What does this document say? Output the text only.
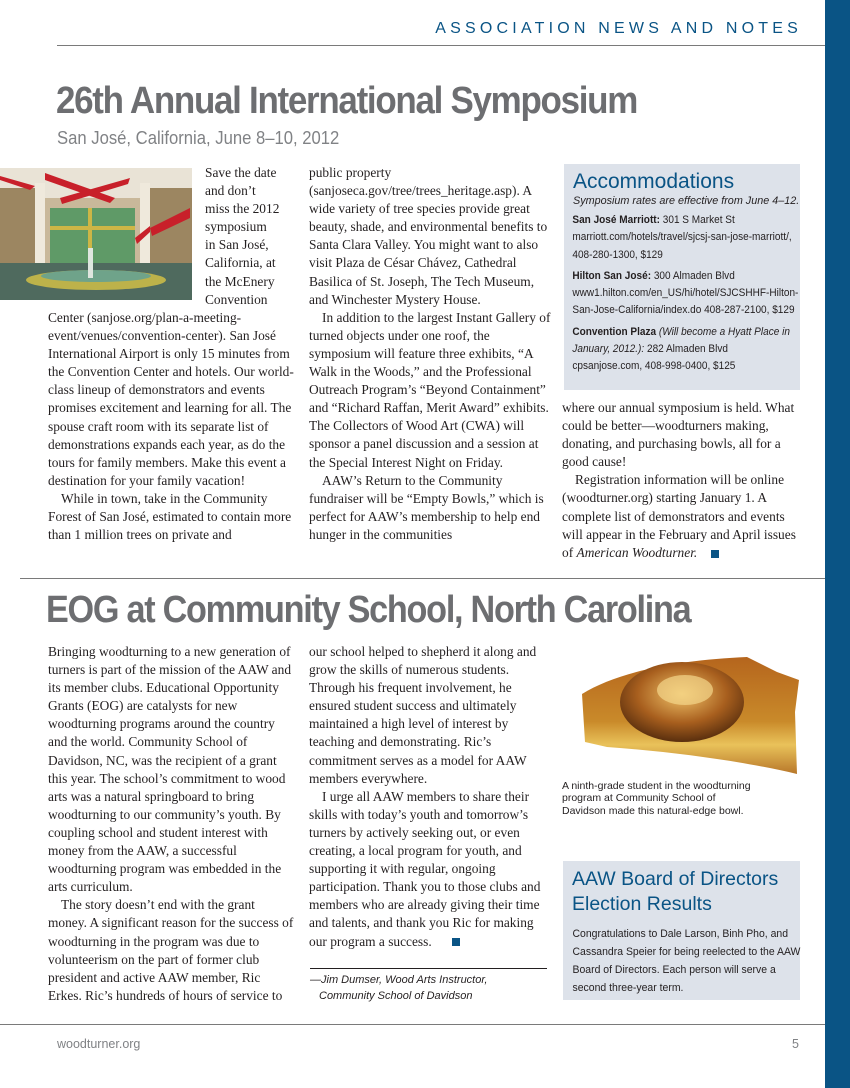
ASSOCIATION NEWS AND NOTES
26th Annual International Symposium
San José, California, June 8–10, 2012
Save the date
and don’t
miss the 2012
symposium
in San José,
California, at
the McEnery
Convention

Center (sanjose.org/plan-a-meeting-event/venues/convention-center). San José International Airport is only 15 minutes from the Convention Center and hotels. Our world-class lineup of demonstrators and events promises excitement and learning for all. The spouse craft room with its separate list of demonstrations expands each year, as do the tours for family members. Make this event a destination for your family vacation!

While in town, take in the Community Forest of San José, estimated to contain more than 1 million trees on private and

public property (sanjoseca.gov/tree/trees_heritage.asp). A wide variety of tree species provide great beauty, shade, and environmental benefits to Santa Clara Valley. You might want to also visit Plaza de César Chávez, Cathedral Basilica of St. Joseph, The Tech Museum, and Winchester Mystery House.

In addition to the largest Instant Gallery of turned objects under one roof, the symposium will feature three exhibits, “A Walk in the Woods,” and the Professional Outreach Program’s “Beyond Containment” and “Richard Raffan, Merit Award” exhibits. The Collectors of Wood Art (CWA) will sponsor a panel discussion and a session at the Special Interest Night on Friday.

AAW’s Return to the Community fundraiser will be “Empty Bowls,” which is perfect for AAW’s membership to help end hunger in the communities

Accommodations
Symposium rates are effective from June 4–12.
San José Marriott: 301 S Market St
marriott.com/hotels/travel/sjcsj-san-jose-marriott/, 408-280-1300, $129
Hilton San José: 300 Almaden Blvd
www1.hilton.com/en_US/hi/hotel/SJCSHHF-Hilton-San-Jose-California/index.do 408-287-2100, $129
Convention Plaza (Will become a Hyatt Place in January, 2012.): 282 Almaden Blvd
cpsanjose.com, 408-998-0400, $125

where our annual symposium is held. What could be better—woodturners making, donating, and purchasing bowls, all for a good cause!

Registration information will be online (woodturner.org) starting January 1. A complete list of demonstrators and events will appear in the February and April issues of American Woodturner.

EOG at Community School, North Carolina

Bringing woodturning to a new generation of turners is part of the mission of the AAW and its member clubs. Educational Opportunity Grants (EOG) are catalysts for new woodturning programs around the country and the world. Community School of Davidson, NC, was the recipient of a grant this year. The school’s commitment to wood arts was a natural springboard to bring woodturning to our community’s youth. By coupling school and student interest with money from the AAW, a successful woodturning program was embedded in the arts curriculum.

The story doesn’t end with the grant money. A significant reason for the success of woodturning in the program was due to volunteerism on the part of former club president and active AAW member, Ric Erkes. Ric’s hundreds of hours of service to

our school helped to shepherd it along and grow the skills of numerous students. Through his frequent involvement, he ensured student success and ultimately maintained a high level of interest by teaching and demonstrating. Ric’s commitment serves as a model for AAW members everywhere.

I urge all AAW members to share their skills with today’s youth and tomorrow’s turners by actively seeking out, or even creating, a local program for youth, and supporting it with regular, ongoing participation. Thank you to those clubs and members who are already giving their time and talents, and thank you Ric for making our program a success.

—Jim Dumser, Wood Arts Instructor,
Community School of Davidson
A ninth-grade student in the woodturning program at Community School of Davidson made this natural-edge bowl.
AAW Board of Directors
Election Results
Congratulations to Dale Larson, Binh Pho, and Cassandra Speier for being reelected to the AAW Board of Directors. Each person will serve a second three-year term.
woodturner.org	5
